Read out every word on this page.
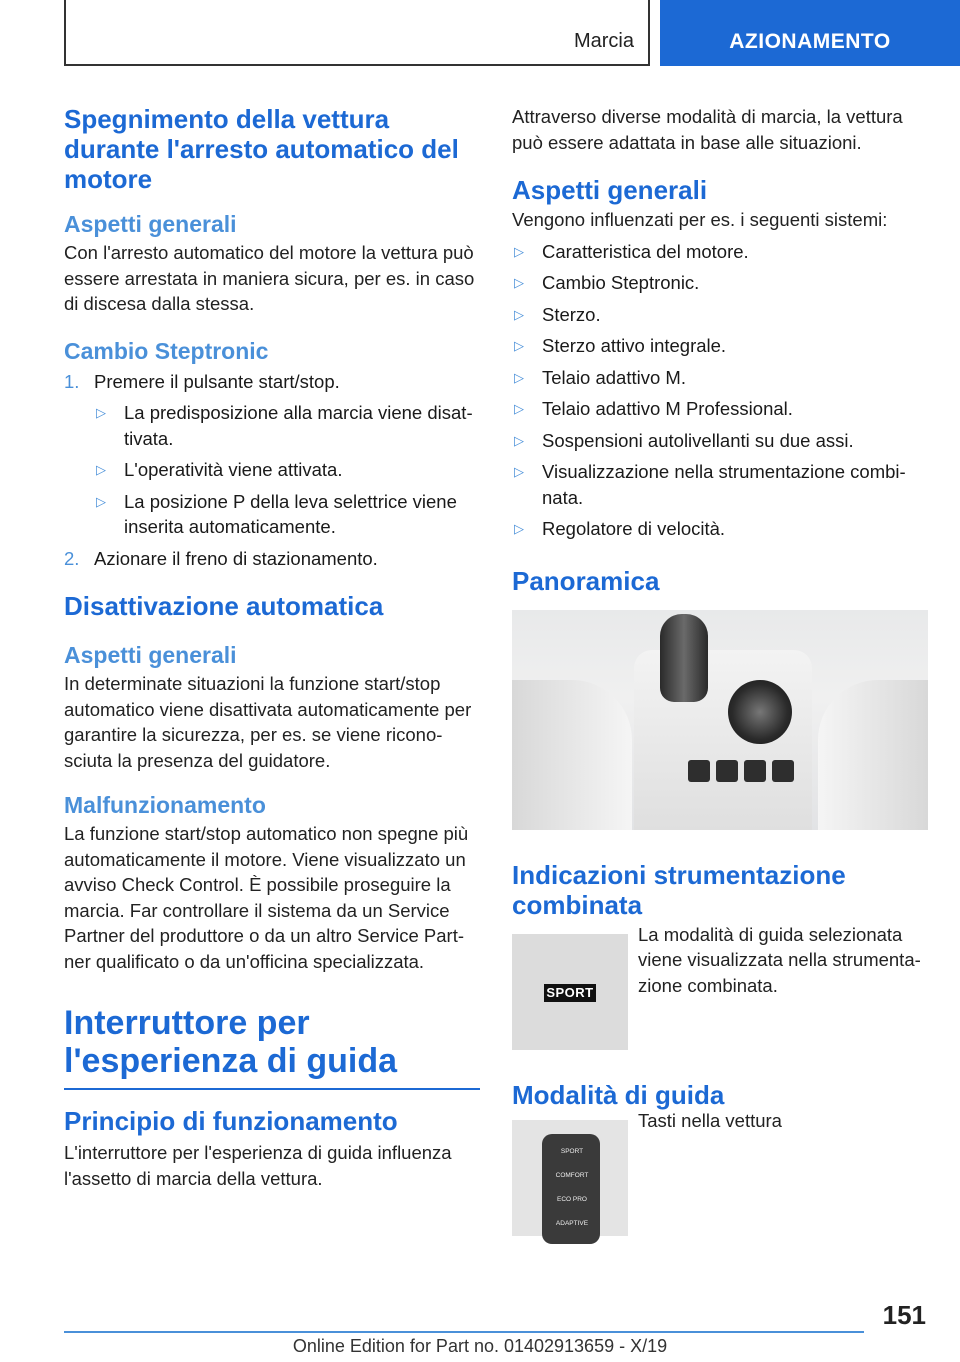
Marcia	AZIONAMENTO
Spegnimento della vettura durante l'arresto automatico del motore
Aspetti generali
Con l'arresto automatico del motore la vettura può essere arrestata in maniera sicura, per es. in caso di discesa dalla stessa.
Cambio Steptronic
1. Premere il pulsante start/stop.
▷ La predisposizione alla marcia viene disattivata.
▷ L'operatività viene attivata.
▷ La posizione P della leva selettrice viene inserita automaticamente.
2. Azionare il freno di stazionamento.
Disattivazione automatica
Aspetti generali
In determinate situazioni la funzione start/stop automatico viene disattivata automaticamente per garantire la sicurezza, per es. se viene riconosciuta la presenza del guidatore.
Malfunzionamento
La funzione start/stop automatico non spegne più automaticamente il motore. Viene visualizzato un avviso Check Control. È possibile proseguire la marcia. Far controllare il sistema da un Service Partner del produttore o da un altro Service Partner qualificato o da un'officina specializzata.
Interruttore per l'esperienza di guida
Principio di funzionamento
L'interruttore per l'esperienza di guida influenza l'assetto di marcia della vettura.
Attraverso diverse modalità di marcia, la vettura può essere adattata in base alle situazioni.
Aspetti generali
Vengono influenzati per es. i seguenti sistemi:
▷ Caratteristica del motore.
▷ Cambio Steptronic.
▷ Sterzo.
▷ Sterzo attivo integrale.
▷ Telaio adattivo M.
▷ Telaio adattivo M Professional.
▷ Sospensioni autolivellanti su due assi.
▷ Visualizzazione nella strumentazione combinata.
▷ Regolatore di velocità.
Panoramica
Indicazioni strumentazione combinata
SPORT
La modalità di guida selezionata viene visualizzata nella strumentazione combinata.
Modalità di guida
SPORT
COMFORT
ECO PRO
ADAPTIVE
Tasti nella vettura
151
Online Edition for Part no. 01402913659 - X/19
